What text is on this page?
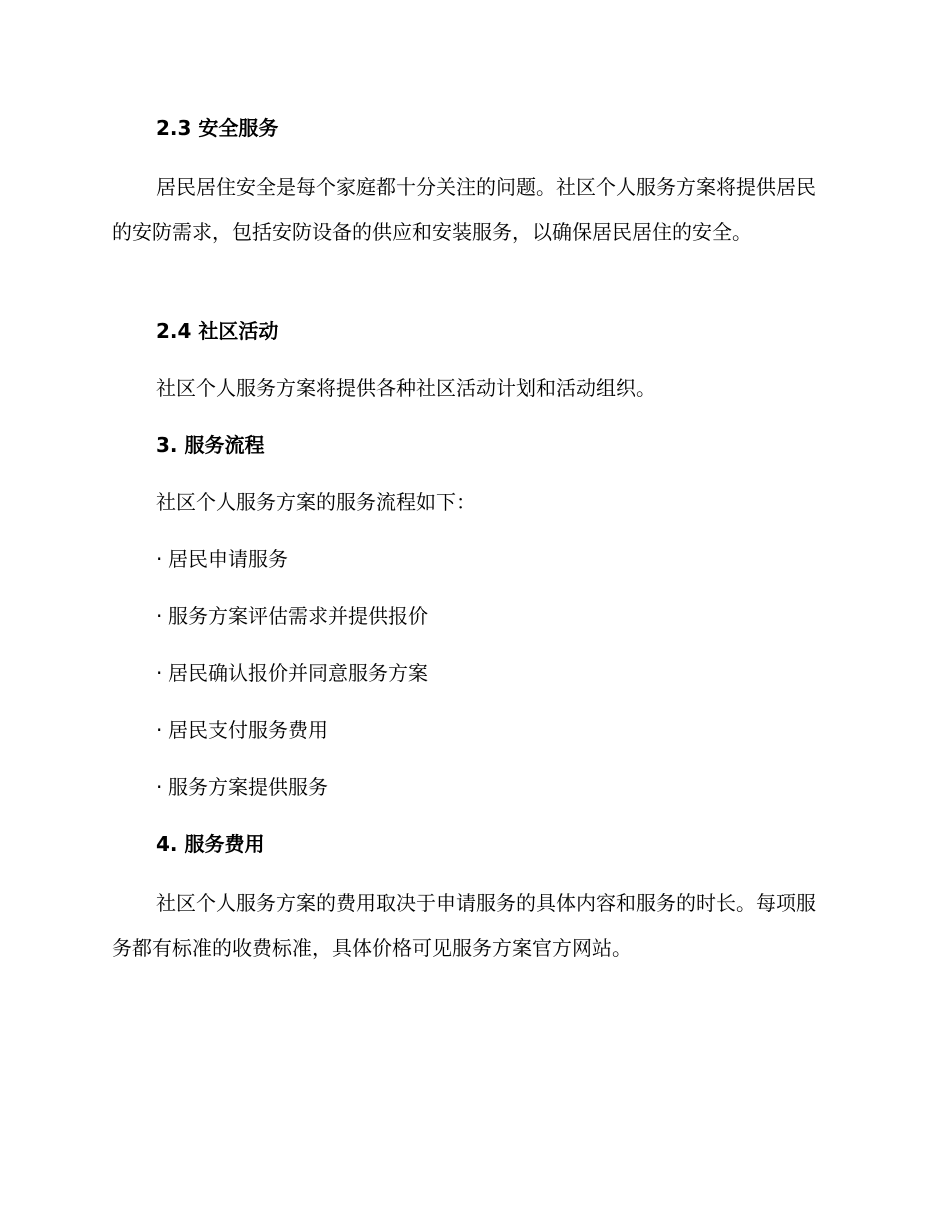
2.3 安全服务

居民居住安全是每个家庭都十分关注的问题。社区个人服务方案将提供居民的安防需求，包括安防设备的供应和安装服务，以确保居民居住的安全。

2.4 社区活动

社区个人服务方案将提供各种社区活动计划和活动组织。

3. 服务流程

社区个人服务方案的服务流程如下：

· 居民申请服务
· 服务方案评估需求并提供报价
· 居民确认报价并同意服务方案
· 居民支付服务费用
· 服务方案提供服务
4. 服务费用

社区个人服务方案的费用取决于申请服务的具体内容和服务的时长。每项服务都有标准的收费标准，具体价格可见服务方案官方网站。
